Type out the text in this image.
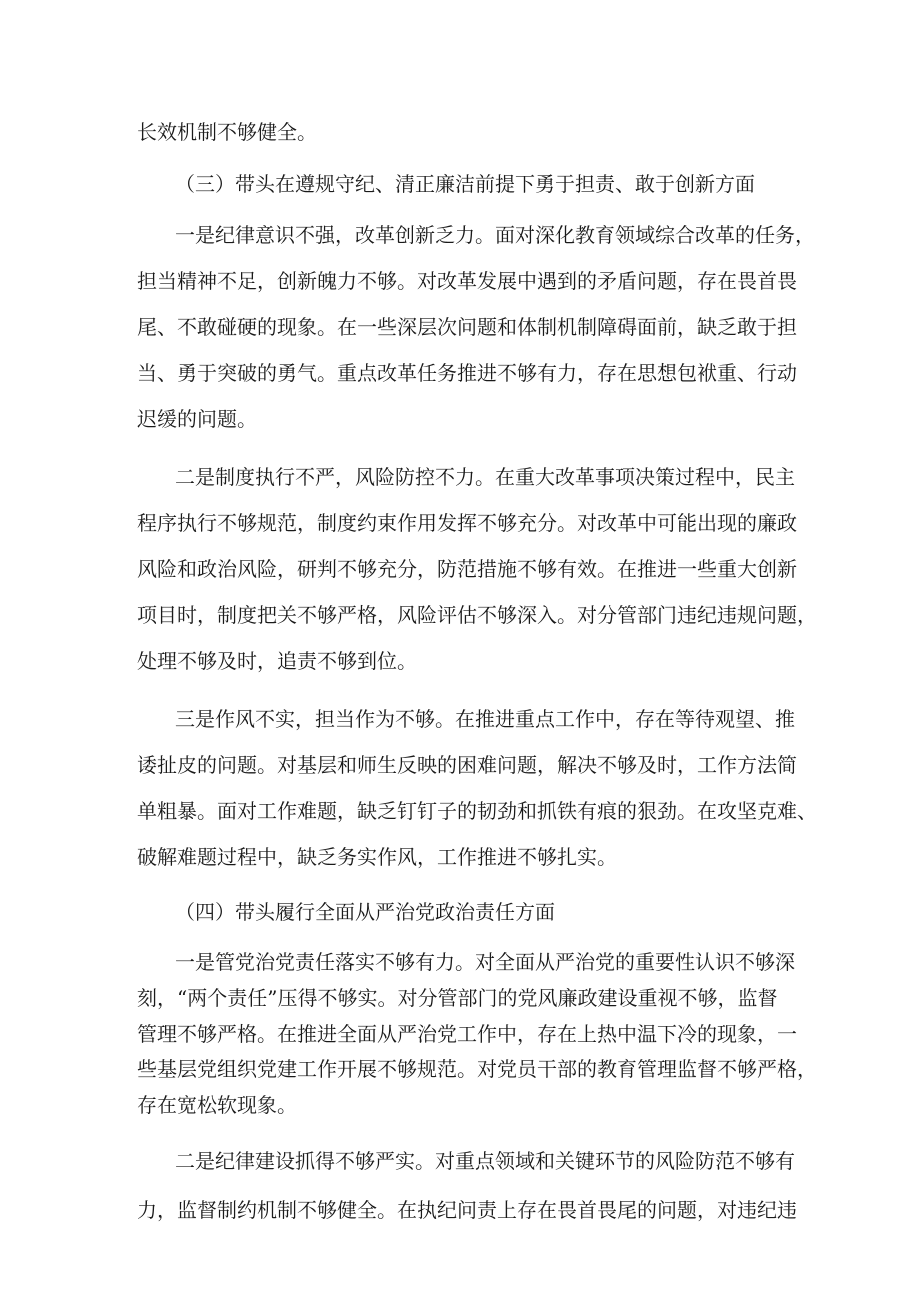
长效机制不够健全。
（三）带头在遵规守纪、清正廉洁前提下勇于担责、敢于创新方面
一是纪律意识不强，改革创新乏力。面对深化教育领域综合改革的任务，
担当精神不足，创新魄力不够。对改革发展中遇到的矛盾问题，存在畏首畏
尾、不敢碰硬的现象。在一些深层次问题和体制机制障碍面前，缺乏敢于担
当、勇于突破的勇气。重点改革任务推进不够有力，存在思想包袱重、行动
迟缓的问题。
二是制度执行不严，风险防控不力。在重大改革事项决策过程中，民主
程序执行不够规范，制度约束作用发挥不够充分。对改革中可能出现的廉政
风险和政治风险，研判不够充分，防范措施不够有效。在推进一些重大创新
项目时，制度把关不够严格，风险评估不够深入。对分管部门违纪违规问题，
处理不够及时，追责不够到位。
三是作风不实，担当作为不够。在推进重点工作中，存在等待观望、推
诿扯皮的问题。对基层和师生反映的困难问题，解决不够及时，工作方法简
单粗暴。面对工作难题，缺乏钉钉子的韧劲和抓铁有痕的狠劲。在攻坚克难、
破解难题过程中，缺乏务实作风，工作推进不够扎实。
（四）带头履行全面从严治党政治责任方面
一是管党治党责任落实不够有力。对全面从严治党的重要性认识不够深
刻，“两个责任”压得不够实。对分管部门的党风廉政建设重视不够，监督
管理不够严格。在推进全面从严治党工作中，存在上热中温下冷的现象，一
些基层党组织党建工作开展不够规范。对党员干部的教育管理监督不够严格，
存在宽松软现象。
二是纪律建设抓得不够严实。对重点领域和关键环节的风险防范不够有
力，监督制约机制不够健全。在执纪问责上存在畏首畏尾的问题，对违纪违
